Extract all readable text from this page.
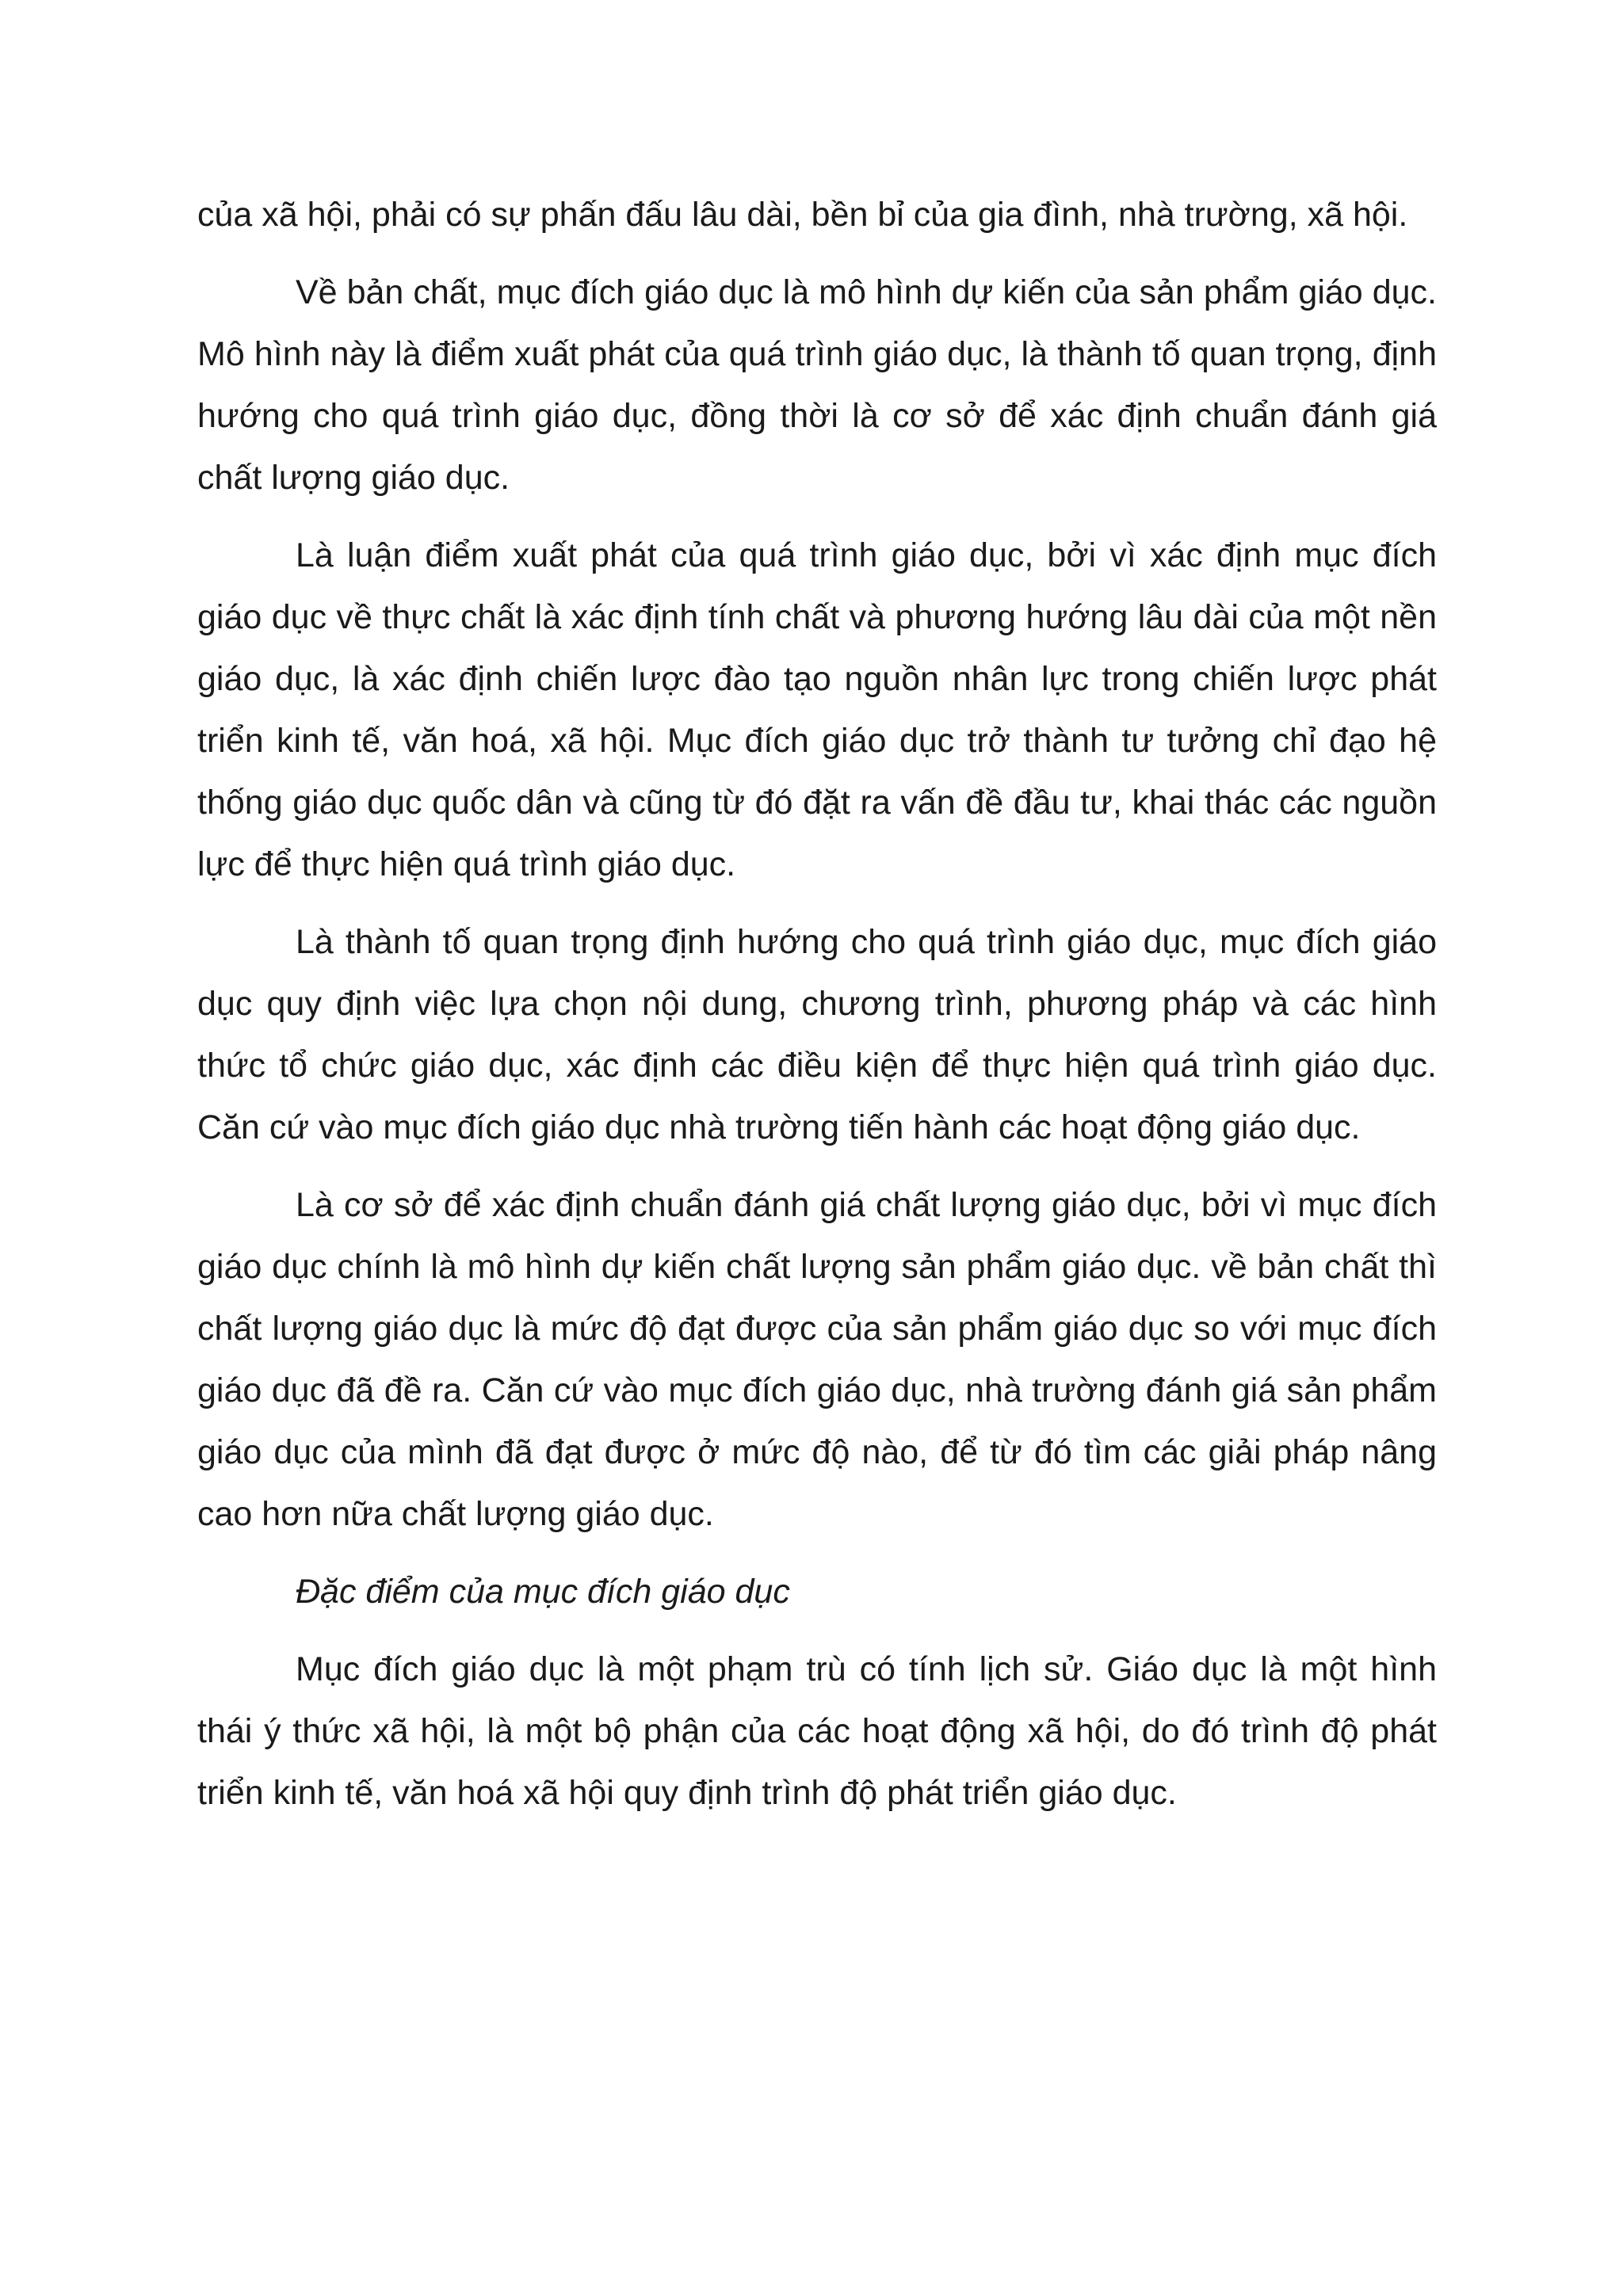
của xã hội, phải có sự phấn đấu lâu dài, bền bỉ của gia đình, nhà trường, xã hội.

Về bản chất, mục đích giáo dục là mô hình dự kiến của sản phẩm giáo dục. Mô hình này là điểm xuất phát của quá trình giáo dục, là thành tố quan trọng, định hướng cho quá trình giáo dục, đồng thời là cơ sở để xác định chuẩn đánh giá chất lượng giáo dục.

Là luận điểm xuất phát của quá trình giáo dục, bởi vì xác định mục đích giáo dục về thực chất là xác định tính chất và phương hướng lâu dài của một nền giáo dục, là xác định chiến lược đào tạo nguồn nhân lực trong chiến lược phát triển kinh tế, văn hoá, xã hội. Mục đích giáo dục trở thành tư tưởng chỉ đạo hệ thống giáo dục quốc dân và cũng từ đó đặt ra vấn đề đầu tư, khai thác các nguồn lực để thực hiện quá trình giáo dục.

Là thành tố quan trọng định hướng cho quá trình giáo dục, mục đích giáo dục quy định việc lựa chọn nội dung, chương trình, phương pháp và các hình thức tổ chức giáo dục, xác định các điều kiện để thực hiện quá trình giáo dục. Căn cứ vào mục đích giáo dục nhà trường tiến hành các hoạt động giáo dục.

Là cơ sở để xác định chuẩn đánh giá chất lượng giáo dục, bởi vì mục đích giáo dục chính là mô hình dự kiến chất lượng sản phẩm giáo dục. về bản chất thì chất lượng giáo dục là mức độ đạt được của sản phẩm giáo dục so với mục đích giáo dục đã đề ra. Căn cứ vào mục đích giáo dục, nhà trường đánh giá sản phẩm giáo dục của mình đã đạt được ở mức độ nào, để từ đó tìm các giải pháp nâng cao hơn nữa chất lượng giáo dục.

Đặc điểm của mục đích giáo dục

Mục đích giáo dục là một phạm trù có tính lịch sử. Giáo dục là một hình thái ý thức xã hội, là một bộ phận của các hoạt động xã hội, do đó trình độ phát triển kinh tế, văn hoá xã hội quy định trình độ phát triển giáo dục.
